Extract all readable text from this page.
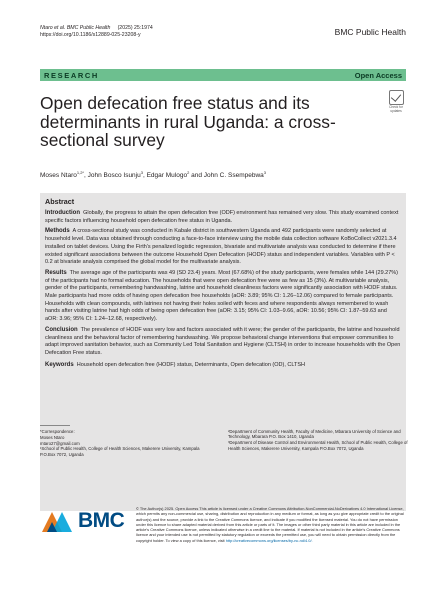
Ntaro et al. BMC Public Health (2025) 25:1974
https://doi.org/10.1186/s12889-025-23208-y	BMC Public Health
RESEARCH	Open Access
Open defecation free status and its determinants in rural Uganda: a cross-sectional survey
Check for updates
Moses Ntaro$^{1,2*}$, John Bosco Isunju$^3$, Edgar Mulogo$^2$ and John C. Ssempebwa$^3$
Abstract

Introduction Globally, the progress to attain the open defecation free (ODF) environment has remained very slow. This study examined context specific factors influencing household open defecation free status in Uganda.

Methods A cross-sectional study was conducted in Kabale district in southwestern Uganda and 492 participants were randomly selected at household level. Data was obtained through conducting a face-to-face interview using the mobile data collection software KoBoCollect v2021.3.4 installed on tablet devices. Using the Firth’s penalized logistic regression, bivariate and multivariate analysis was conducted to determine if there existed significant associations between the outcome Household Open Defecation (HODF) status and independent variables. Variables with P < 0.2 at bivariate analysis comprised the global model for the multivariate analysis.

Results The average age of the participants was 49 (SD 23.4) years. Most (67.68%) of the study participants, were females while 144 (29.27%) of the participants had no formal education. The households that were open defecation free were as few as 15 (3%). At multivariable analysis, gender of the participants, remembering handwashing, latrine and household cleanliness factors were significantly association with HODF status. Male participants had more odds of having open defecation free households (aOR: 3.89; 95% CI: 1.26–12.06) compared to female participants. Households with clean compounds, with latrines not having their holes soiled with feces and where respondents always remembered to wash hands after visiting latrine had high odds of being open defecation free (aOR: 3.15; 95% CI: 1.03–9.66, aOR: 10.56; 95% CI: 1.87–59.63 and aOR: 3.96; 95% CI: 1.24–12.68, respectively).

Conclusion The prevalence of HODF was very low and factors associated with it were; the gender of the participants, the latrine and household cleanliness and the behavioral factor of remembering handwashing. We propose behavioral change interventions that empower communities to adapt improved sanitation behavior, such as Community Led Total Sanitation and Hygiene (CLTSH) in order to increase households with the Open Defecation Free status.

Keywords Household open defecation free (HODF) status, Determinants, Open defecation (OD), CLTSH

*Correspondence:
Moses Ntaro
mtaro27@gmail.com
¹School of Public Health, College of Health Sciences, Makerere University, Kampala P.O.Box 7072, Uganda
²Department of Community Health, Faculty of Medicine, Mbarara University of Science and Technology, Mbarara P.O. Box 1410, Uganda
³Department of Disease Control and Environmental Health, School of Public Health, College of Health Sciences, Makerere University, Kampala P.O.Box 7072, Uganda
BMC
© The Author(s) 2025. Open Access This article is licensed under a Creative Commons Attribution-NonCommercial-NoDerivatives 4.0 International License, which permits any non-commercial use, sharing, distribution and reproduction in any medium or format, as long as you give appropriate credit to the original author(s) and the source, provide a link to the Creative Commons licence, and indicate if you modified the licensed material. You do not have permission under this licence to share adapted material derived from this article or parts of it. The images or other third party material in this article are included in the article’s Creative Commons licence, unless indicated otherwise in a credit line to the material. If material is not included in the article’s Creative Commons licence and your intended use is not permitted by statutory regulation or exceeds the permitted use, you will need to obtain permission directly from the copyright holder. To view a copy of this licence, visit http://creativecommons.org/licenses/by-nc-nd/4.0/.
